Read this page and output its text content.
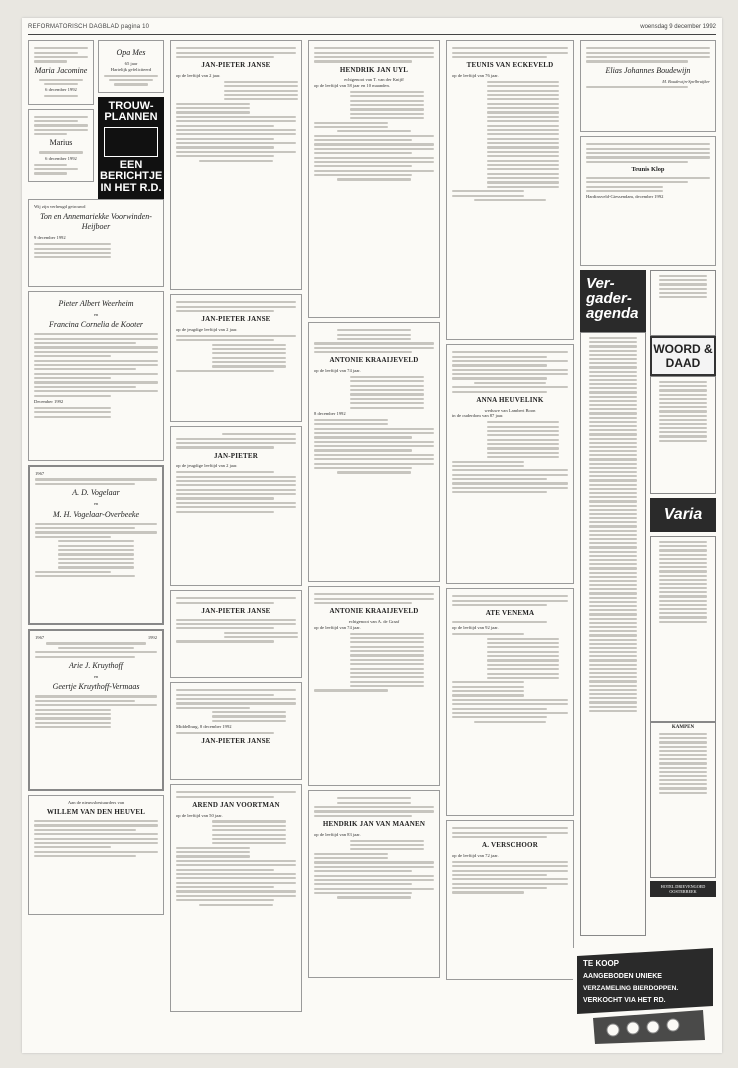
REFORMATORISCH DAGBLAD pagina 10	woensdag 9 december 1992
Maria Jacomine
6 december 1992
Marius
6 december 1992
Opa Mes
65 jaar
Hartelijk gefeliciteerd
TROUW-
PLANNEN
EEN
BERICHTJE
IN HET R.D.
Wij zijn verheugd getrouwd
Ton en Annemariekke Voorwinden-Heijboer
9 december 1992
Pieter Albert Weerheim
en
Francina Cornelia de Kooter
December 1992
1967
A. D. Vogelaar
en
M. H. Vogelaar-Overbeeke
1967	1992
Arie J. Kruythoff
en
Geertje Kruythoff-Vermaas
Aan de nieuwsbestuurders van
WILLEM VAN DEN HEUVEL
JAN-PIETER JANSE
op de leeftijd van 2 jaar.
JAN-PIETER JANSE
op de jeugdige leeftijd van 2 jaar.
JAN-PIETER
op de jeugdige leeftijd van 2 jaar.
JAN-PIETER JANSE
Middelburg, 8 december 1992
JAN-PIETER JANSE
AREND JAN VOORTMAN
op de leeftijd van 50 jaar.
HENDRIK JAN UYL
echtgenoot van T. van der Knijff
op de leeftijd van 58 jaar en 10 maanden.
ANTONIE KRAAIJEVELD
op de leeftijd van 74 jaar.
8 december 1992
ANTONIE KRAAIJEVELD
echtgenoot van A. de Graaf
op de leeftijd van 74 jaar.
HENDRIK JAN VAN MAANEN
op de leeftijd van 83 jaar.
TEUNIS VAN ECKEVELD
op de leeftijd van 76 jaar.
ANNA HEUVELINK
weduwe van Lambert Boon
in de ouderdom van 87 jaar.
ATE VENEMA
op de leeftijd van 92 jaar.
A. VERSCHOOR
op de leeftijd van 72 jaar.
Elias Johannes Boudewijn
M. Boudewijn-Spelbruijker
Teunis Klop
Hardinxveld-Giessendam, december 1992
Ver-
gader-
agenda
WOORD & DAAD
Varia
KAMPEN
HOTEL DRIEVENGOED OOSTERBEEK
TE KOOP
AANGEBODEN UNIEKE
VERZAMELING BIERDOPPEN.
VERKOCHT VIA HET RD.
